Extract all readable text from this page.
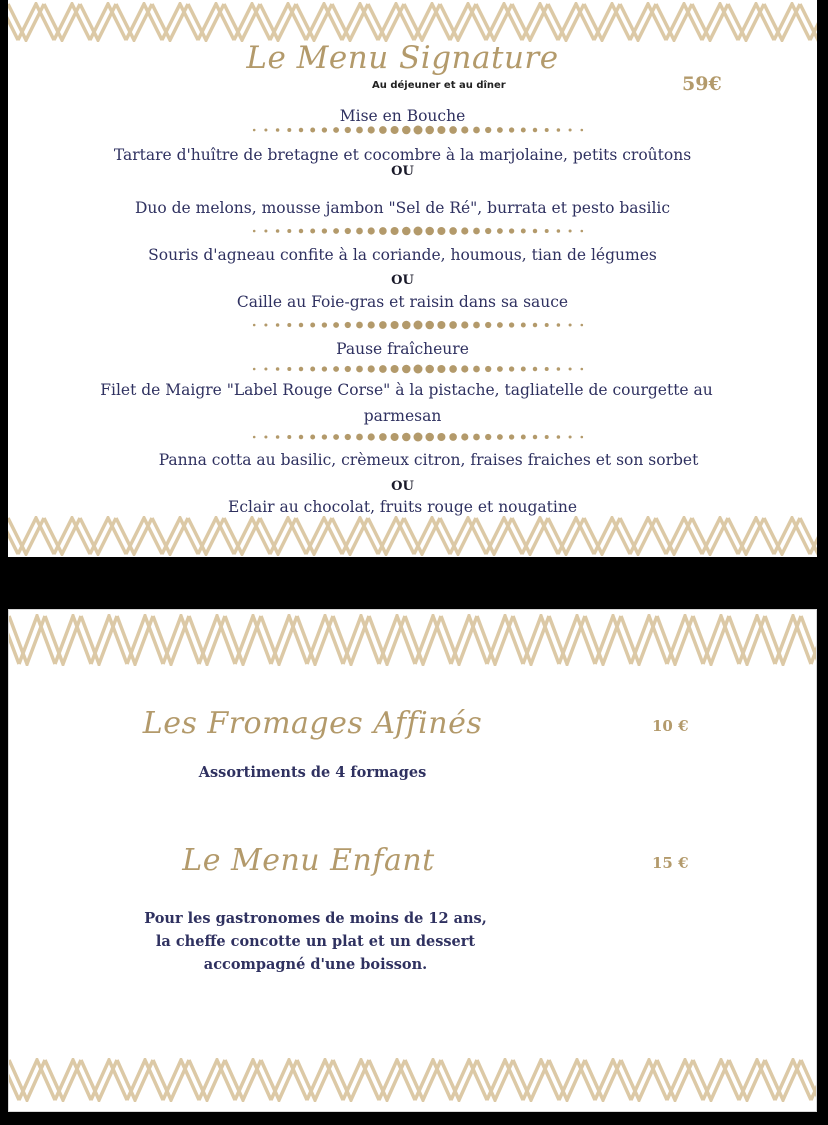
Le Menu Signature
Au déjeuner et au dîner	59€
Mise en Bouche
Tartare d'huître de bretagne et cocombre à la marjolaine, petits croûtons
OU
Duo de melons, mousse jambon "Sel de Ré", burrata et pesto basilic
Souris d'agneau confite à la coriande, houmous, tian de légumes
OU
Caille au Foie-gras et raisin dans sa sauce
Pause fraîcheure
Filet de Maigre "Label Rouge Corse" à la pistache, tagliatelle de courgette au
parmesan
Panna cotta au basilic, crèmeux citron, fraises fraiches et son sorbet
OU
Eclair au chocolat, fruits rouge et nougatine
Les Fromages Affinés	10 €
Assortiments de 4 formages
Le Menu Enfant	15 €
Pour les gastronomes de moins de 12 ans,
la cheffe concotte un plat et un dessert
accompagné d'une boisson.
